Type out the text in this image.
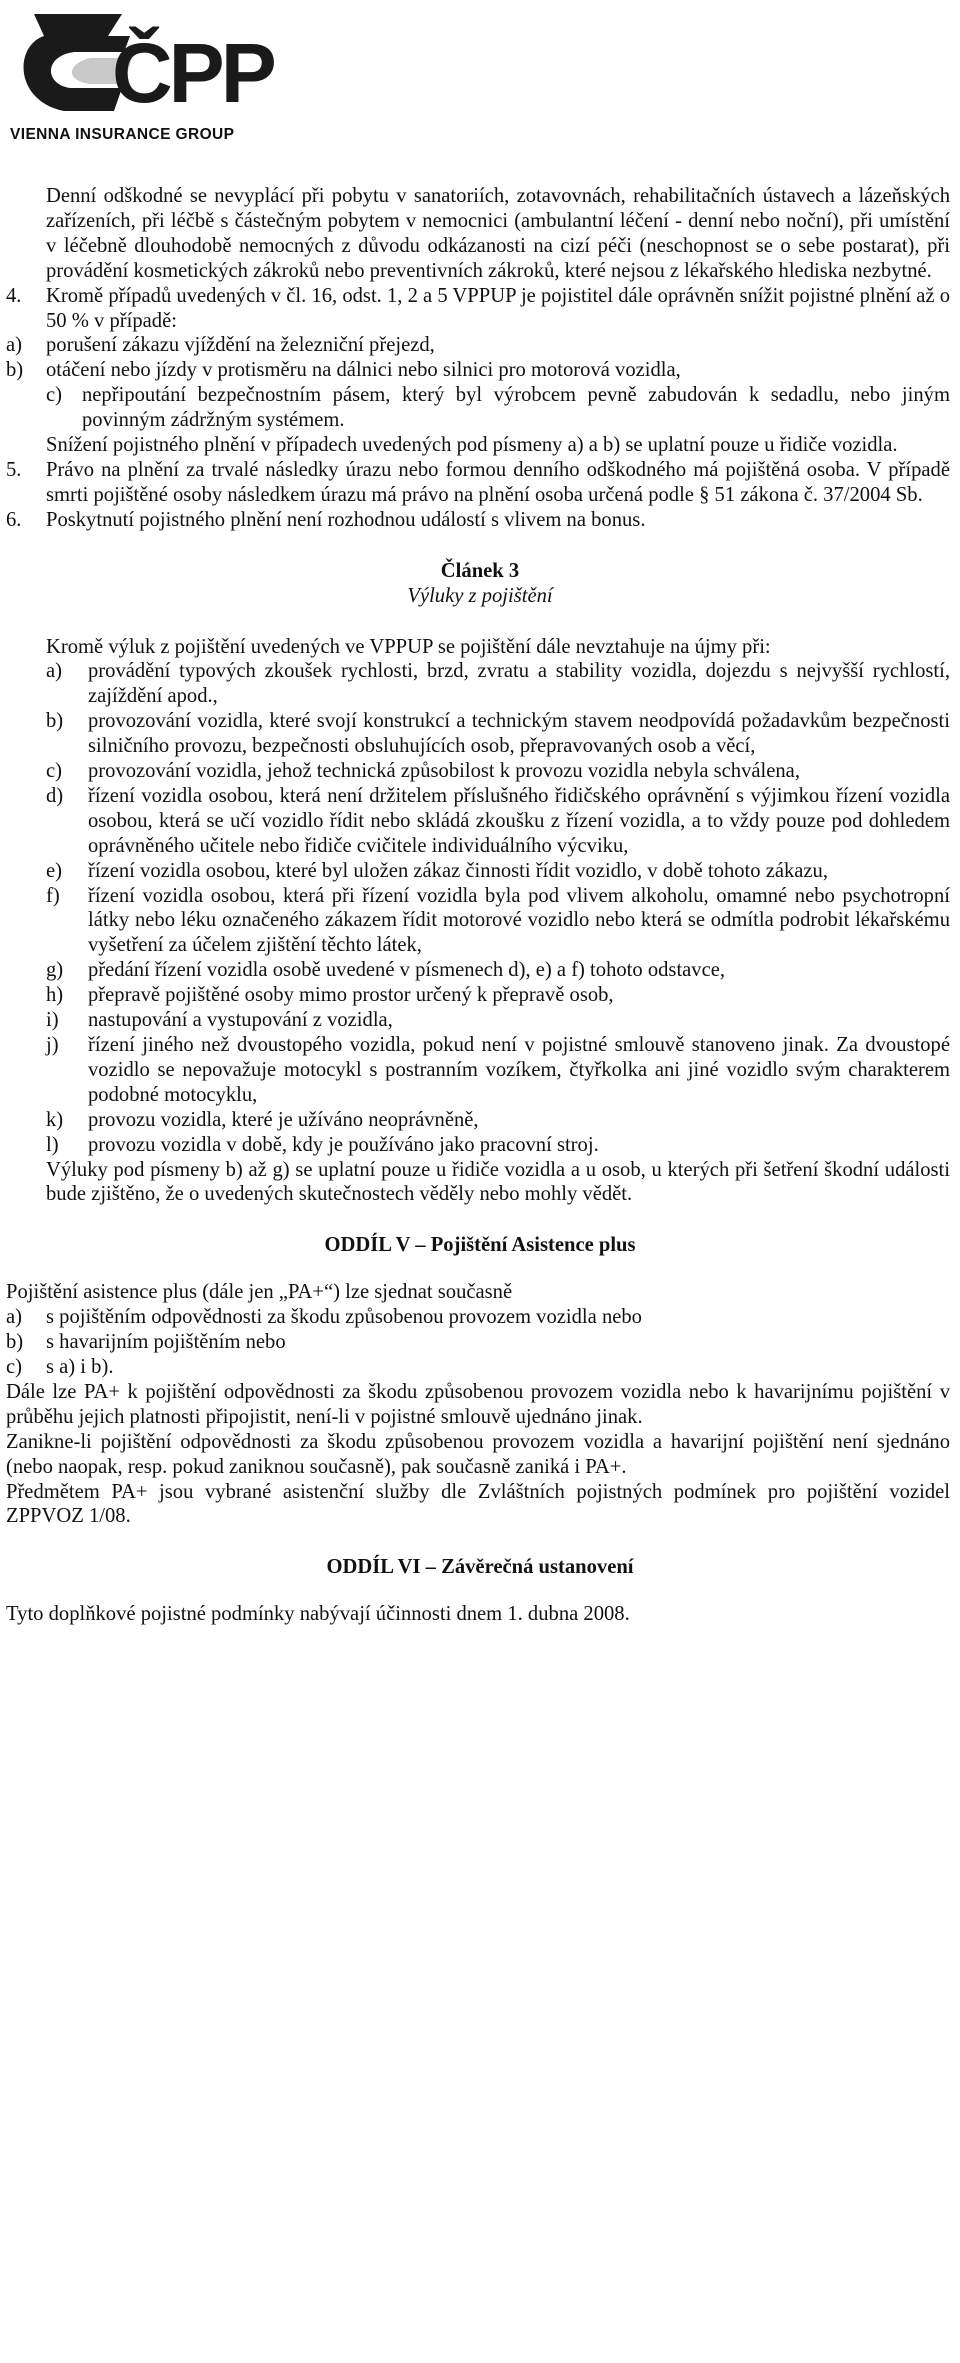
ČPP
VIENNA INSURANCE GROUP

Denní odškodné se nevyplácí při pobytu v sanatoriích, zotavovnách, rehabilitačních ústavech a lázeňských zařízeních, při léčbě s částečným pobytem v nemocnici (ambulantní léčení - denní nebo noční), při umístění v léčebně dlouhodobě nemocných z důvodu odkázanosti na cizí péči (neschopnost se o sebe postarat), při provádění kosmetických zákroků nebo preventivních zákroků, které nejsou z lékařského hlediska nezbytné.

4. Kromě případů uvedených v čl. 16, odst. 1, 2 a 5 VPPUP je pojistitel dále oprávněn snížit pojistné plnění až o 50 % v případě:
a) porušení zákazu vjíždění na železniční přejezd,
b) otáčení nebo jízdy v protisměru na dálnici nebo silnici pro motorová vozidla,
c) nepřipoutání bezpečnostním pásem, který byl výrobcem pevně zabudován k sedadlu, nebo jiným povinným zádržným systémem.

Snížení pojistného plnění v případech uvedených pod písmeny a) a b) se uplatní pouze u řidiče vozidla.

5. Právo na plnění za trvalé následky úrazu nebo formou denního odškodného má pojištěná osoba. V případě smrti pojištěné osoby následkem úrazu má právo na plnění osoba určená podle § 51 zákona č. 37/2004 Sb.
6. Poskytnutí pojistného plnění není rozhodnou událostí s vlivem na bonus.
Článek 3
Výluky z pojištění

Kromě výluk z pojištění uvedených ve VPPUP se pojištění dále nevztahuje na újmy při:

a) provádění typových zkoušek rychlosti, brzd, zvratu a stability vozidla, dojezdu s nejvyšší rychlostí, zajíždění apod.,
b) provozování vozidla, které svojí konstrukcí a technickým stavem neodpovídá požadavkům bezpečnosti silničního provozu, bezpečnosti obsluhujících osob, přepravovaných osob a věcí,
c) provozování vozidla, jehož technická způsobilost k provozu vozidla nebyla schválena,
d) řízení vozidla osobou, která není držitelem příslušného řidičského oprávnění s výjimkou řízení vozidla osobou, která se učí vozidlo řídit nebo skládá zkoušku z řízení vozidla, a to vždy pouze pod dohledem oprávněného učitele nebo řidiče cvičitele individuálního výcviku,
e) řízení vozidla osobou, které byl uložen zákaz činnosti řídit vozidlo, v době tohoto zákazu,
f) řízení vozidla osobou, která při řízení vozidla byla pod vlivem alkoholu, omamné nebo psychotropní látky nebo léku označeného zákazem řídit motorové vozidlo nebo která se odmítla podrobit lékařskému vyšetření za účelem zjištění těchto látek,
g) předání řízení vozidla osobě uvedené v písmenech d), e) a f) tohoto odstavce,
h) přepravě pojištěné osoby mimo prostor určený k přepravě osob,
i) nastupování a vystupování z vozidla,
j) řízení jiného než dvoustopého vozidla, pokud není v pojistné smlouvě stanoveno jinak. Za dvoustopé vozidlo se nepovažuje motocykl s postranním vozíkem, čtyřkolka ani jiné vozidlo svým charakterem podobné motocyklu,
k) provozu vozidla, které je užíváno neoprávněně,
l) provozu vozidla v době, kdy je používáno jako pracovní stroj.

Výluky pod písmeny b) až g) se uplatní pouze u řidiče vozidla a u osob, u kterých při šetření škodní události bude zjištěno, že o uvedených skutečnostech věděly nebo mohly vědět.

ODDÍL V – Pojištění Asistence plus

Pojištění asistence plus (dále jen „PA+“) lze sjednat současně

a) s pojištěním odpovědnosti za škodu způsobenou provozem vozidla nebo
b) s havarijním pojištěním nebo
c) s a) i b).

Dále lze PA+ k pojištění odpovědnosti za škodu způsobenou provozem vozidla nebo k havarijnímu pojištění v průběhu jejich platnosti připojistit, není-li v pojistné smlouvě ujednáno jinak.

Zanikne-li pojištění odpovědnosti za škodu způsobenou provozem vozidla a havarijní pojištění není sjednáno (nebo naopak, resp. pokud zaniknou současně), pak současně zaniká i PA+.

Předmětem PA+ jsou vybrané asistenční služby dle Zvláštních pojistných podmínek pro pojištění vozidel ZPPVOZ 1/08.

ODDÍL VI – Závěrečná ustanovení

Tyto doplňkové pojistné podmínky nabývají účinnosti dnem 1. dubna 2008.
